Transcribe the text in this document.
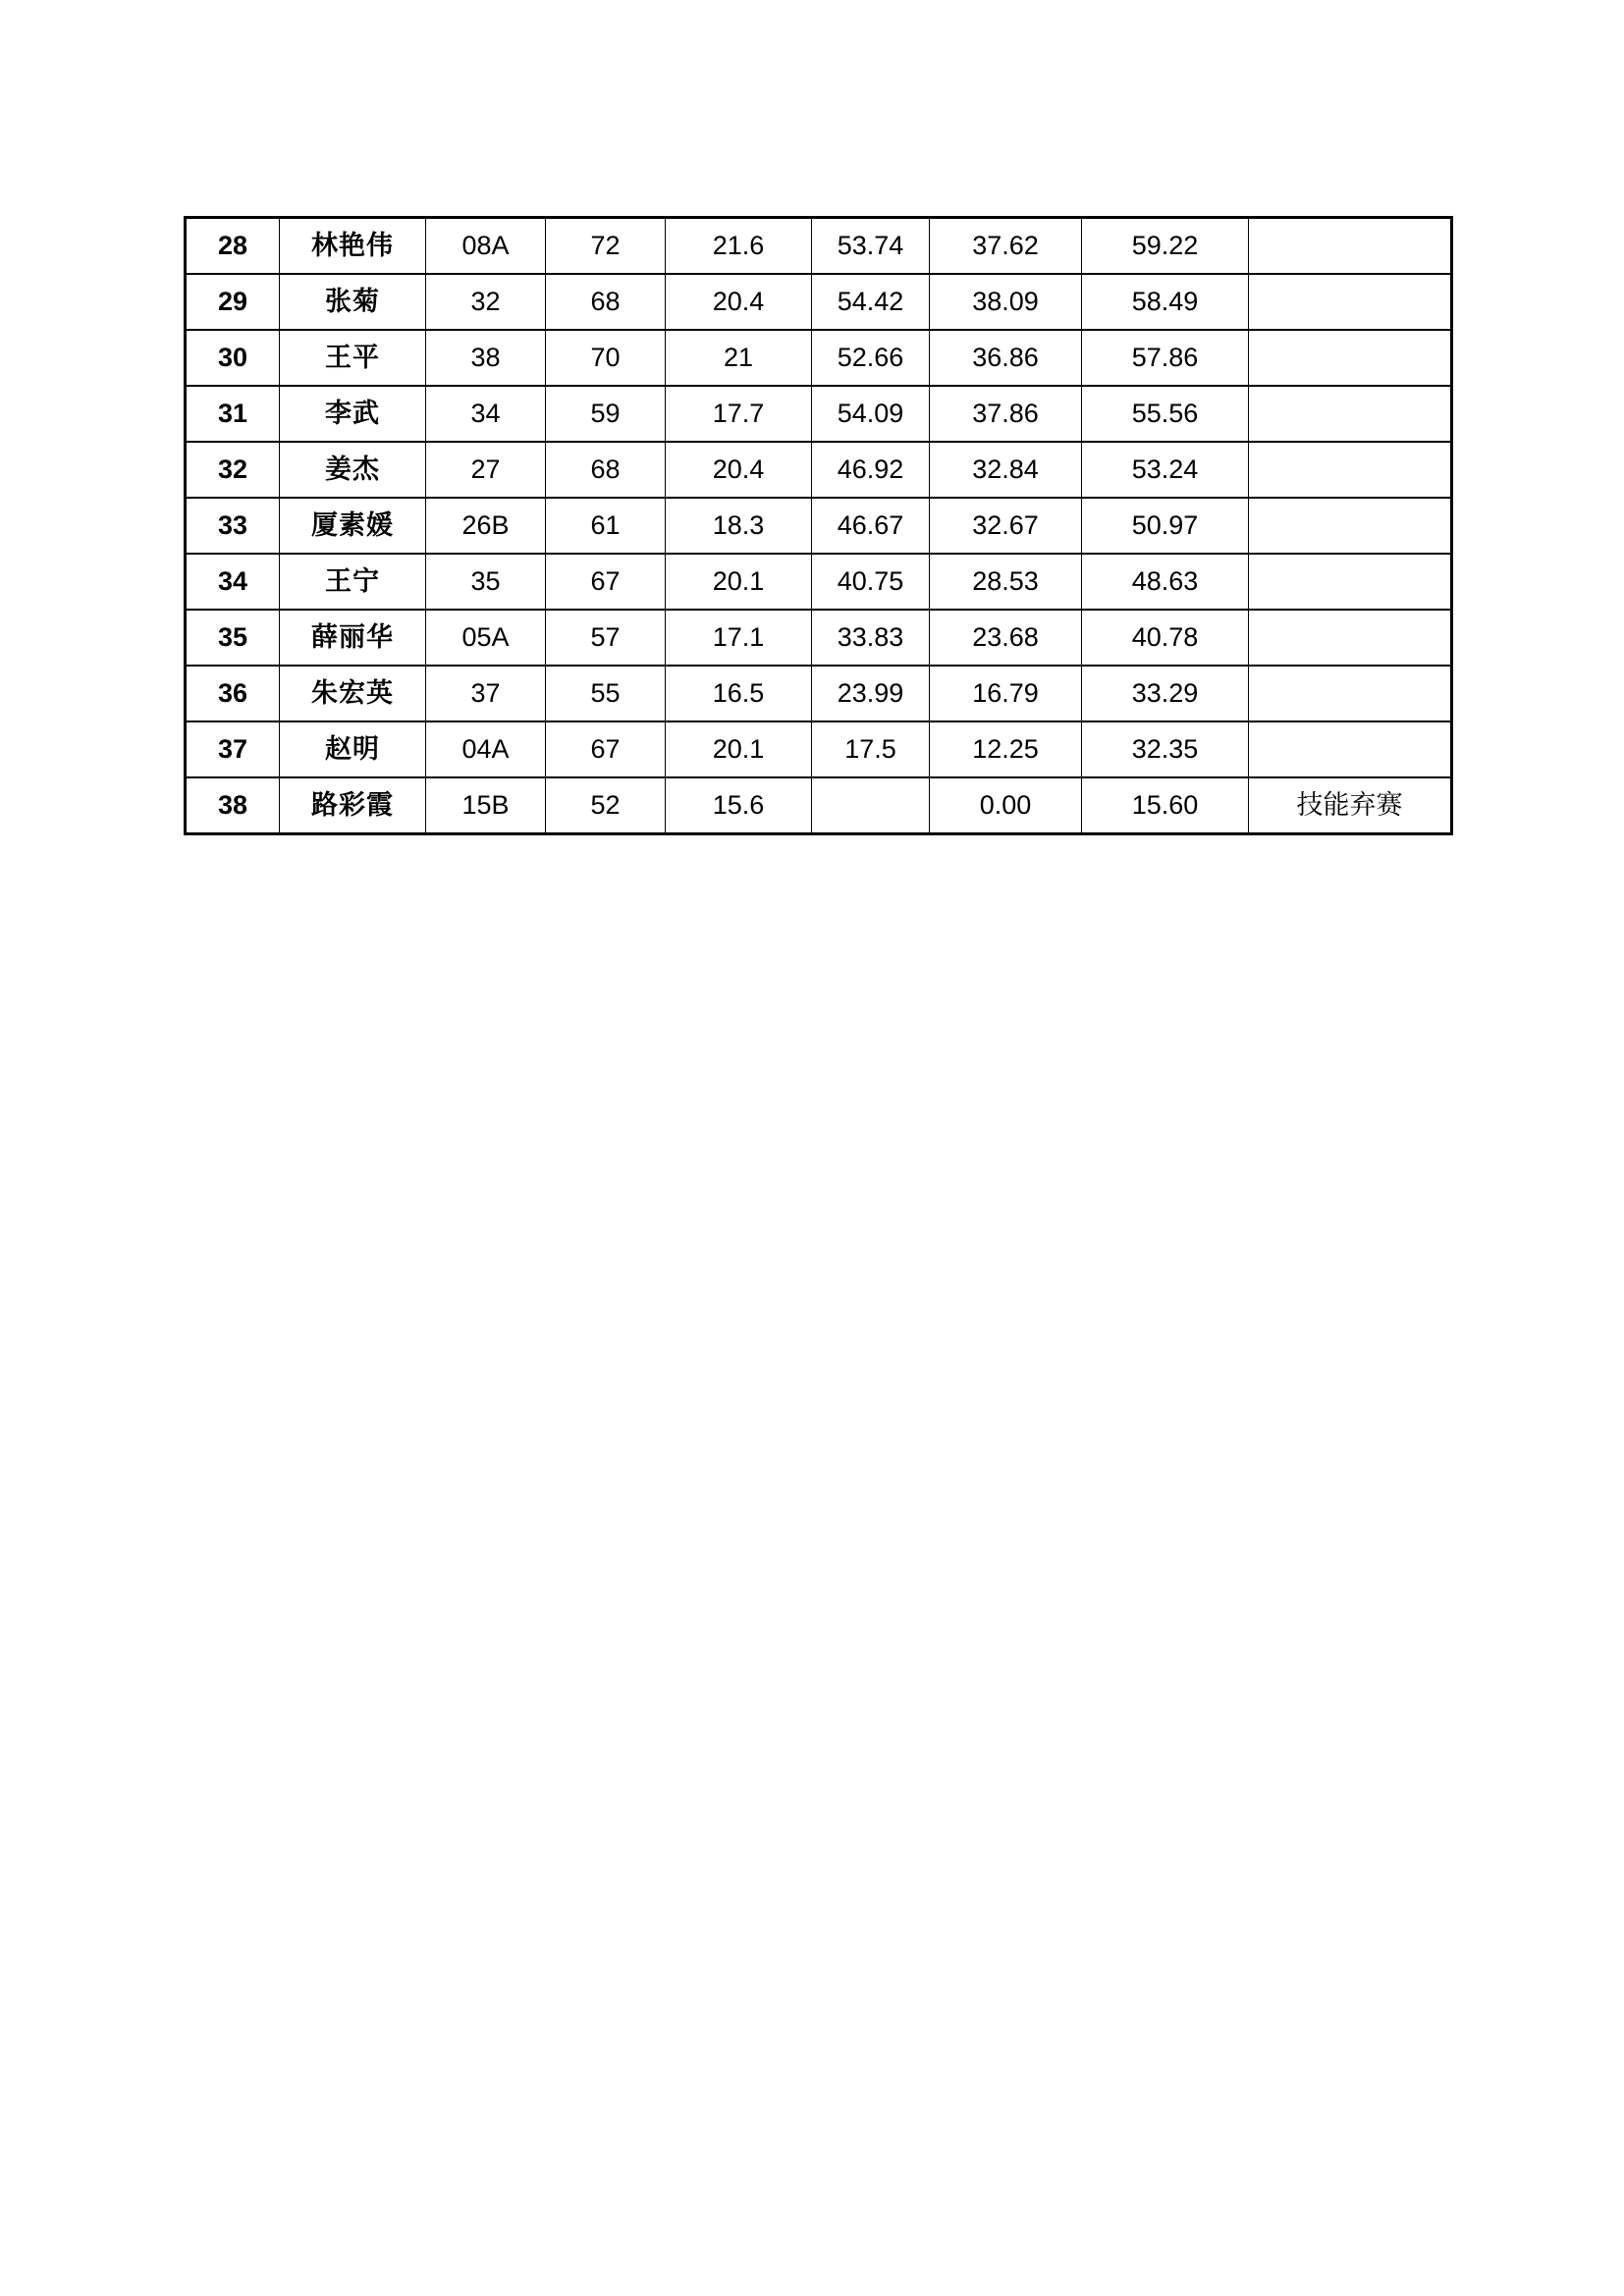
28	林艳伟	08A	72	21.6	53.74	37.62	59.22	
29	张菊	32	68	20.4	54.42	38.09	58.49	
30	王平	38	70	21	52.66	36.86	57.86	
31	李武	34	59	17.7	54.09	37.86	55.56	
32	姜杰	27	68	20.4	46.92	32.84	53.24	
33	厦素媛	26B	61	18.3	46.67	32.67	50.97	
34	王宁	35	67	20.1	40.75	28.53	48.63	
35	薛丽华	05A	57	17.1	33.83	23.68	40.78	
36	朱宏英	37	55	16.5	23.99	16.79	33.29	
37	赵明	04A	67	20.1	17.5	12.25	32.35	
38	路彩霞	15B	52	15.6		0.00	15.60	技能弃赛
